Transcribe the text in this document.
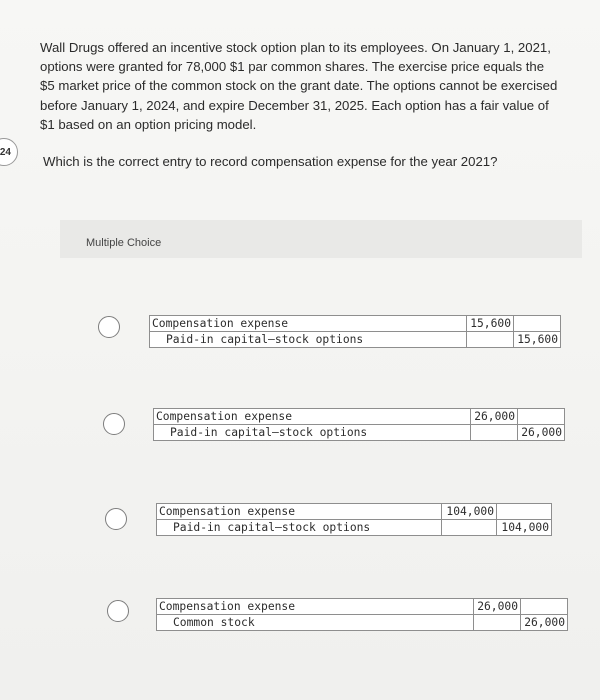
24
Wall Drugs offered an incentive stock option plan to its employees. On January 1, 2021, options were granted for 78,000 $1 par common shares. The exercise price equals the $5 market price of the common stock on the grant date. The options cannot be exercised before January 1, 2024, and expire December 31, 2025. Each option has a fair value of $1 based on an option pricing model.
Which is the correct entry to record compensation expense for the year 2021?
Multiple Choice
Compensation expense	15,600	
Paid-in capital—stock options		15,600
Compensation expense	26,000	
Paid-in capital—stock options		26,000
Compensation expense	104,000	
Paid-in capital—stock options		104,000
Compensation expense	26,000	
Common stock		26,000
